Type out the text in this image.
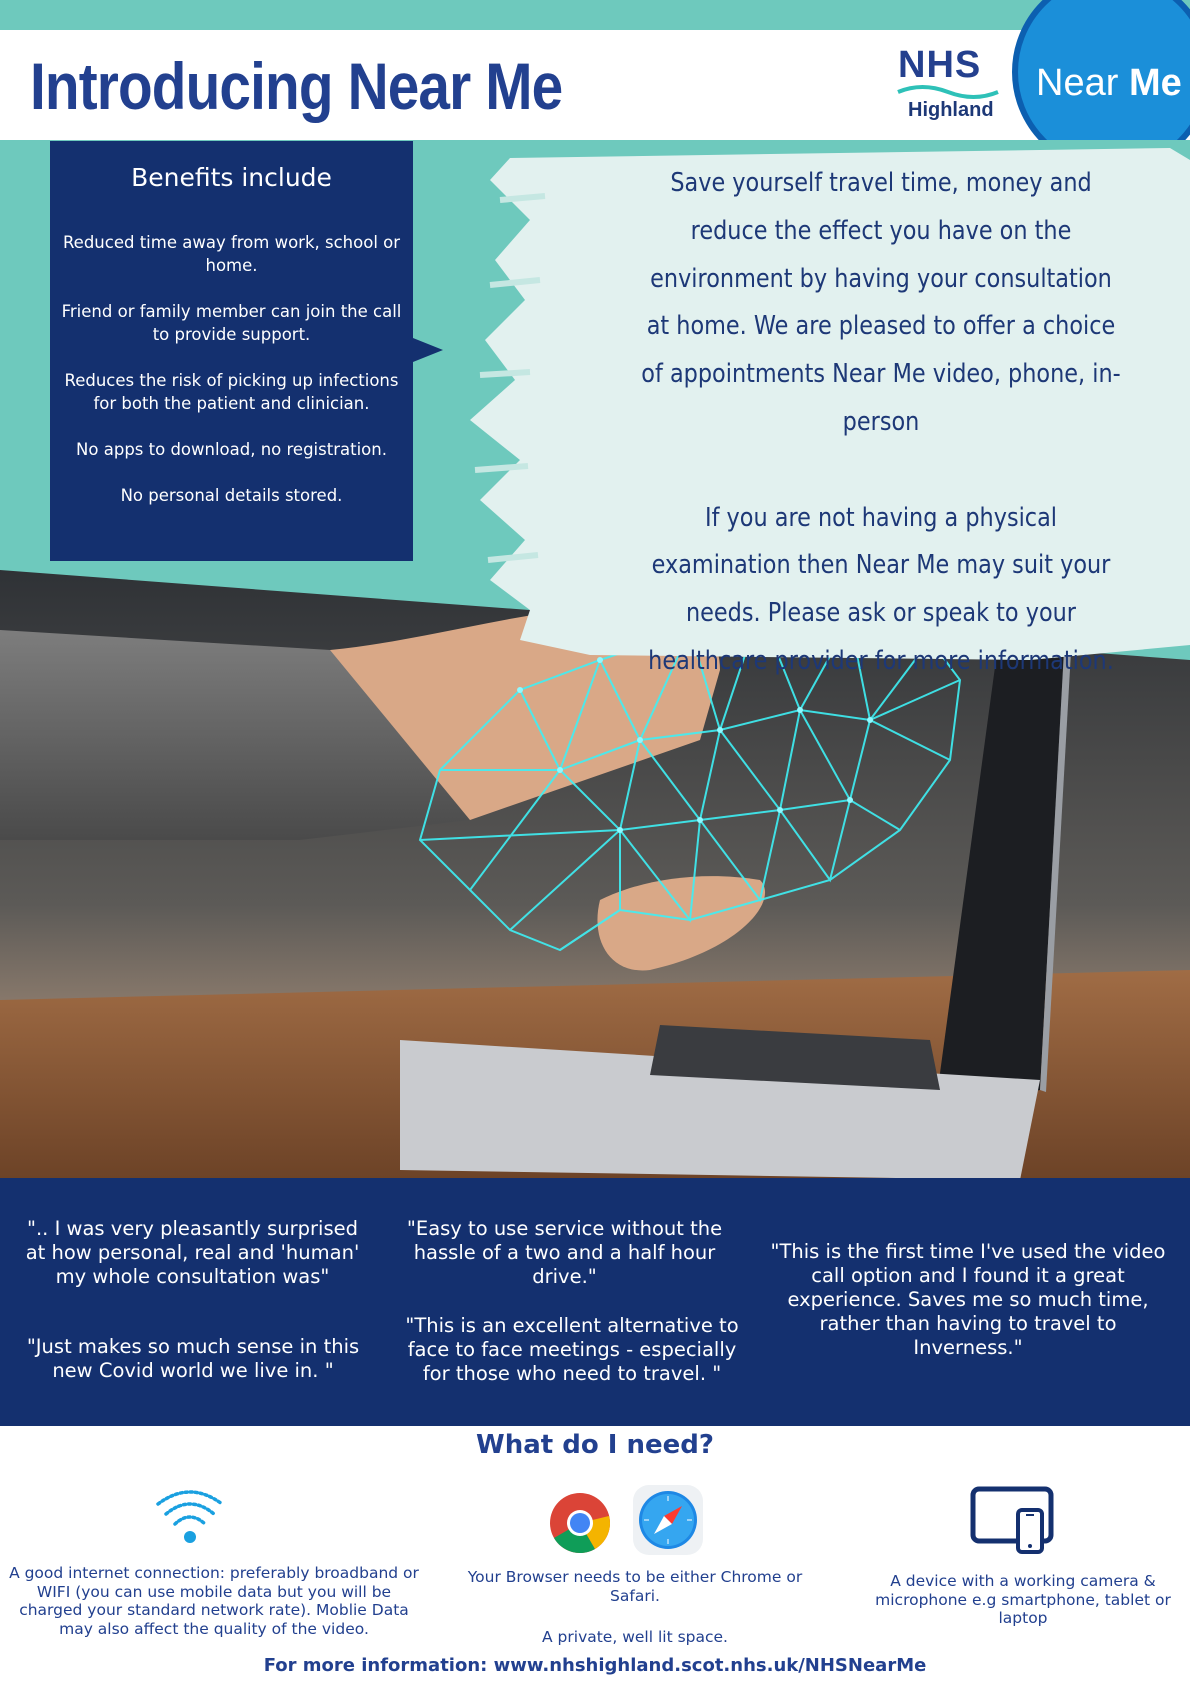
Introducing Near Me	NHS
Highland
Near Me

Save yourself travel time, money and reduce the effect you have on the environment by having your consultation at home. We are pleased to offer a choice of appointments Near Me video, phone, in-person

If you are not having a physical examination then Near Me may suit your needs. Please ask or speak to your healthcare provider for more information.

Benefits include
Reduced time away from work, school or home.
Friend or family member can join the call to provide support.
Reduces the risk of picking up infections for both the patient and clinician.
No apps to download, no registration.
No personal details stored.
".. I was very pleasantly surprised at how personal, real and 'human' my whole consultation was"
"Just makes so much sense in this new Covid world we live in. "
"Easy to use service without the hassle of a two and a half hour drive."
"This is an excellent alternative to face to face meetings - especially for those who need to travel. "
"This is the first time I've used the video call option and I found it a great experience. Saves me so much time, rather than having to travel to Inverness."
What do I need?
A good internet connection: preferably broadband or WIFI (you can use mobile data but you will be charged your standard network rate). Moblie Data may also affect the quality of the video.
Your Browser needs to be either Chrome or Safari.
A private, well lit space.
A device with a working camera & microphone e.g smartphone, tablet or laptop
For more information: www.nhshighland.scot.nhs.uk/NHSNearMe
